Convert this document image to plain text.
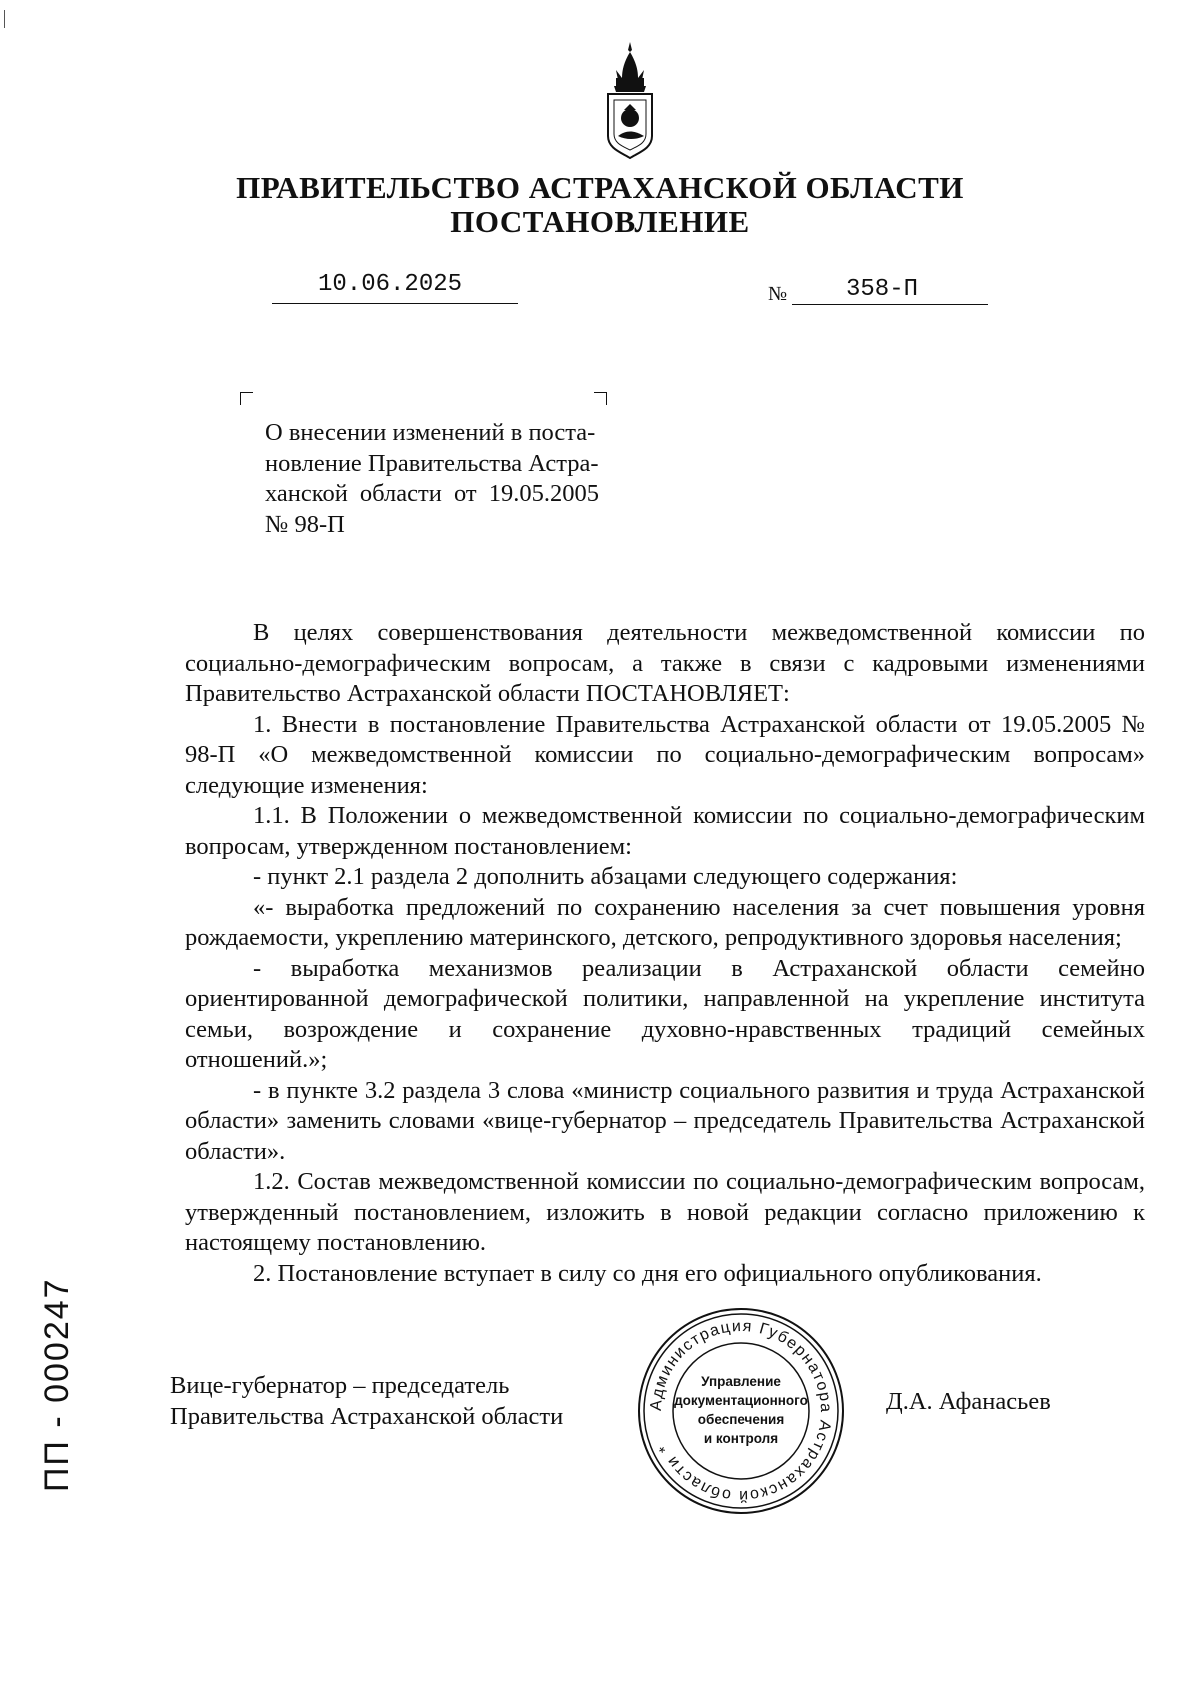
ПРАВИТЕЛЬСТВО АСТРАХАНСКОЙ ОБЛАСТИ
ПОСТАНОВЛЕНИЕ
10.06.2025	№ 358-П

О внесении изменений в поста-

новление Правительства Астра-

ханской области от 19.05.2005

№ 98-П

В целях совершенствования деятельности межведомственной комиссии по социально-демографическим вопросам, а также в связи с кадровыми изменениями Правительство Астраханской области ПОСТАНОВЛЯЕТ:

1. Внести в постановление Правительства Астраханской области от 19.05.2005 № 98-П «О межведомственной комиссии по социально-демографическим вопросам» следующие изменения:

1.1. В Положении о межведомственной комиссии по социально-демографическим вопросам, утвержденном постановлением:

- пункт 2.1 раздела 2 дополнить абзацами следующего содержания:

«- выработка предложений по сохранению населения за счет повышения уровня рождаемости, укреплению материнского, детского, репродуктивного здоровья населения;

- выработка механизмов реализации в Астраханской области семейно ориентированной демографической политики, направленной на укрепление института семьи, возрождение и сохранение духовно-нравственных традиций семейных отношений.»;

- в пункте 3.2 раздела 3 слова «министр социального развития и труда Астраханской области» заменить словами «вице-губернатор – председатель Правительства Астраханской области».

1.2. Состав межведомственной комиссии по социально-демографическим вопросам, утвержденный постановлением, изложить в новой редакции согласно приложению к настоящему постановлению.

2. Постановление вступает в силу со дня его официального опубликования.

Вице-губернатор – председатель
Правительства Астраханской области
Д.А. Афанасьев
Администрация Губернатора Астраханской области *
Управление
документационного
обеспечения
и контроля
ПП - 000247
